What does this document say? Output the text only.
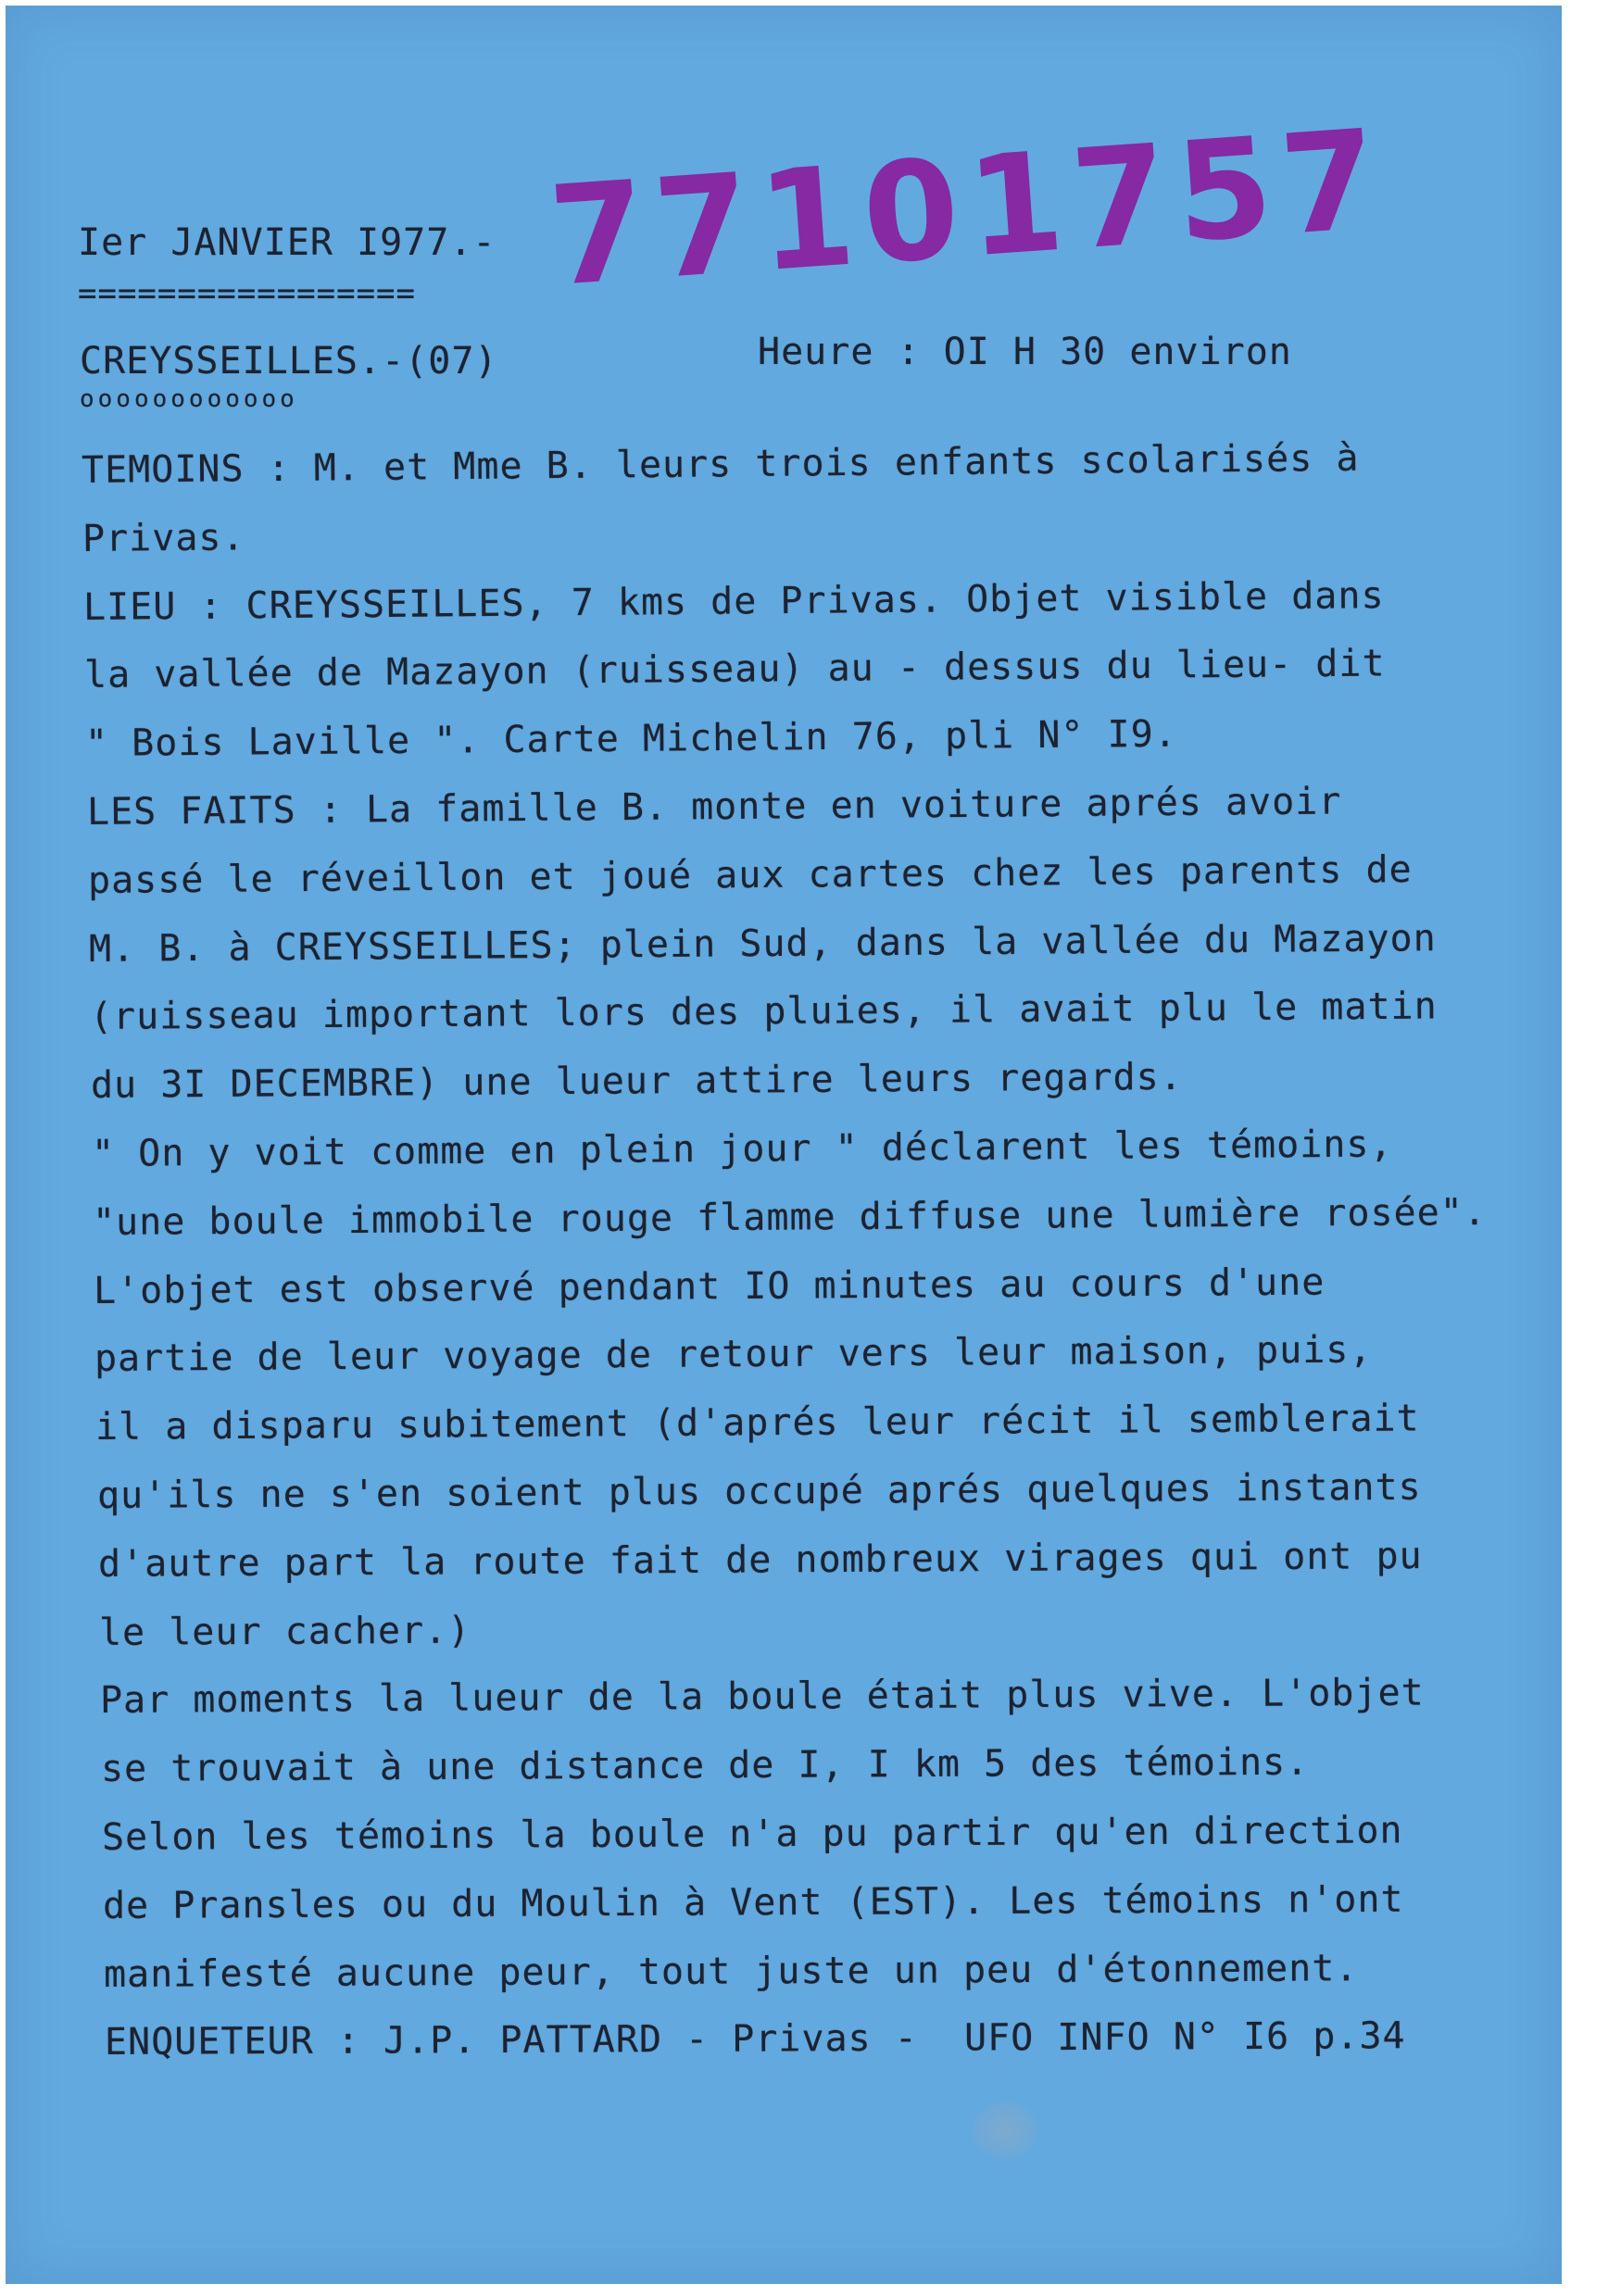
Ier JANVIER I977.-
================= 77101757
CREYSSEILLES.-(07)
oooooooooooo
Heure : OI H 30 environ
TEMOINS : M. et Mme B. leurs trois enfants scolarisés à
Privas.
LIEU : CREYSSEILLES, 7 kms de Privas. Objet visible dans
la vallée de Mazayon (ruisseau) au - dessus du lieu- dit
" Bois Laville ". Carte Michelin 76, pli N° I9.
LES FAITS : La famille B. monte en voiture aprés avoir
passé le réveillon et joué aux cartes chez les parents de
M. B. à CREYSSEILLES; plein Sud, dans la vallée du Mazayon
(ruisseau important lors des pluies, il avait plu le matin
du 3I DECEMBRE) une lueur attire leurs regards.
" On y voit comme en plein jour " déclarent les témoins,
"une boule immobile rouge flamme diffuse une lumière rosée".
L'objet est observé pendant IO minutes au cours d'une
partie de leur voyage de retour vers leur maison, puis,
il a disparu subitement (d'aprés leur récit il semblerait
qu'ils ne s'en soient plus occupé aprés quelques instants
d'autre part la route fait de nombreux virages qui ont pu
le leur cacher.)
Par moments la lueur de la boule était plus vive. L'objet
se trouvait à une distance de I, I km 5 des témoins.
Selon les témoins la boule n'a pu partir qu'en direction
de Pransles ou du Moulin à Vent (EST). Les témoins n'ont
manifesté aucune peur, tout juste un peu d'étonnement.
ENQUETEUR : J.P. PATTARD - Privas -  UFO INFO N° I6 p.34
